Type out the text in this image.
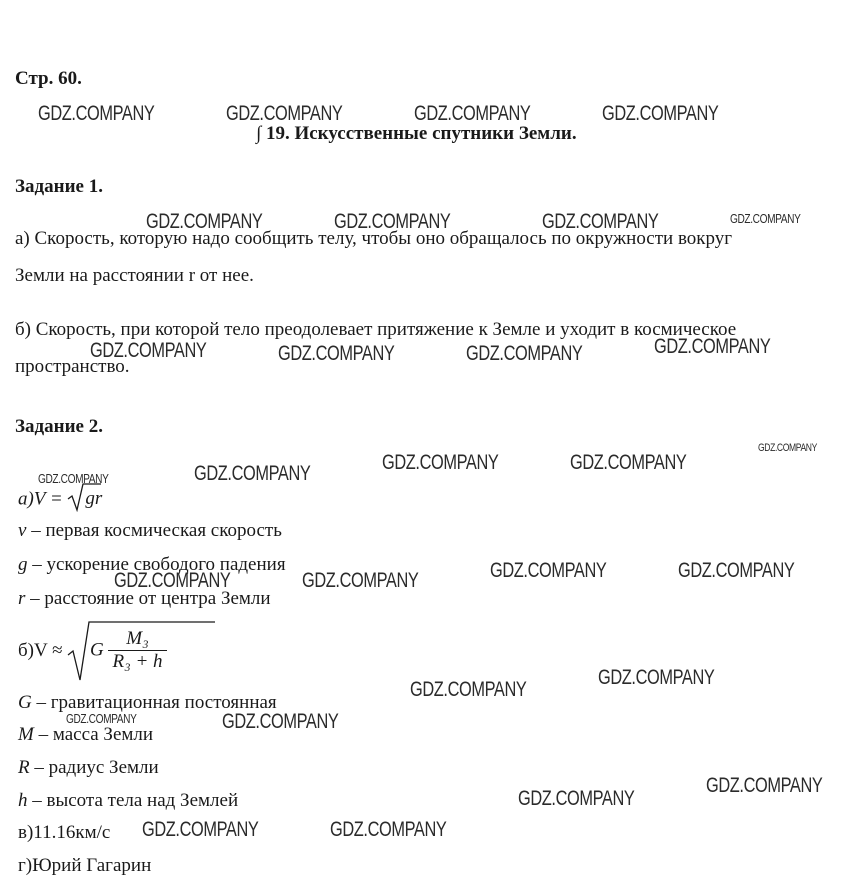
Стр. 60.
∫ 19. Искусственные спутники Земли.
Задание 1.
а) Скорость, которую надо сообщить телу, чтобы оно обращалось по окружности вокруг
Земли на расстоянии r от нее.
б) Скорость, при которой тело преодолевает притяжение к Земле и уходит в космическое
пространство.
Задание 2.
а)V = gr
v – первая космическая скорость
g – ускорение свободого падения
r – расстояние от центра Земли
б)V ≈	G $\frac{\text{M₃}}{\text{R₃ + h}}$
G – гравитационная постоянная
M – масса Земли
R – радиус Земли
h – высота тела над Землей
в)11.16км/с
г)Юрий Гагарин
GDZ.COMPANY	GDZ.COMPANY	GDZ.COMPANY	GDZ.COMPANY
GDZ.COMPANY	GDZ.COMPANY	GDZ.COMPANY	GDZ.COMPANY
GDZ.COMPANY	GDZ.COMPANY	GDZ.COMPANY	GDZ.COMPANY
GDZ.COMPANY	GDZ.COMPANY	GDZ.COMPANY	GDZ.COMPANY
GDZ.COMPANY
GDZ.COMPANY	GDZ.COMPANY	GDZ.COMPANY	GDZ.COMPANY
GDZ.COMPANY
GDZ.COMPANY
GDZ.COMPANY	GDZ.COMPANY
GDZ.COMPANY
GDZ.COMPANY
GDZ.COMPANY	GDZ.COMPANY
